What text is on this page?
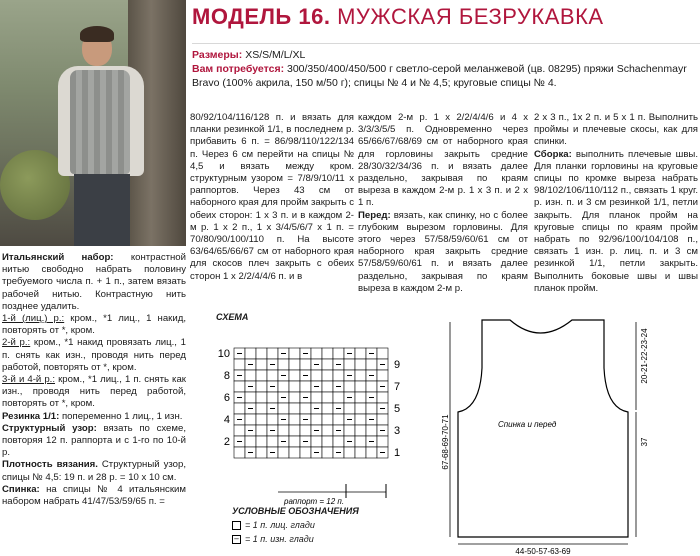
МОДЕЛЬ 16. МУЖСКАЯ БЕЗРУКАВКА
Размеры: XS/S/M/L/XL
Вам потребуется: 300/350/400/450/500 г светло-серой меланжевой (цв. 08295) пряжи Schachenmayr Bravo (100% акрила, 150 м/50 г); спицы № 4 и № 4,5; круговые спицы № 4.

Итальянский набор: контрастной нитью свободно набрать половину требуемого числа п. + 1 п., затем вязать рабочей нитью. Контрастную нить позднее удалить.

1-й (лиц.) р.: кром., *1 лиц., 1 накид, повторять от *, кром.

2-й р.: кром., *1 накид провязать лиц., 1 п. снять как изн., проводя нить перед работой, повторять от *, кром.

3-й и 4-й р.: кром., *1 лиц., 1 п. снять как изн., проводя нить перед работой, повторять от *, кром.

Резинка 1/1: попеременно 1 лиц., 1 изн.

Структурный узор: вязать по схеме, повторяя 12 п. раппорта и с 1-го по 10-й р.

Плотность вязания. Структурный узор, спицы № 4,5: 19 п. и 28 р. = 10 х 10 см.

Спинка: на спицы № 4 итальянским набором набрать 41/47/53/59/65 п. =

80/92/104/116/128 п. и вязать для планки резинкой 1/1, в последнем р. прибавить 6 п. = 86/98/110/122/134 п. Через 6 см перейти на спицы № 4,5 и вязать между кром. структурным узором = 7/8/9/10/11 х раппортов. Через 43 см от наборного края для пройм закрыть с обеих сторон: 1 х 3 п. и в каждом 2-м р. 1 х 2 п., 1 х 3/4/5/6/7 х 1 п. = 70/80/90/100/110 п. На высоте 63/64/65/66/67 см от наборного края для скосов плеч закрыть с обеих сторон 1 х 2/2/4/4/6 п. и в

каждом 2-м р. 1 х 2/2/4/4/6 и 4 х 3/3/3/5/5 п. Одновременно через 65/66/67/68/69 см от наборного края для горловины закрыть средние 28/30/32/34/36 п. и вязать далее раздельно, закрывая по краям выреза в каждом 2-м р. 1 х 3 п. и 2 х 1 п.

Перед: вязать, как спинку, но с более глубоким вырезом горловины. Для этого через 57/58/59/60/61 см от наборного края закрыть средние 57/58/59/60/61 п. и вязать далее раздельно, закрывая по краям выреза в каждом 2-м р.

2 х 3 п., 1х 2 п. и 5 х 1 п. Выполнить проймы и плечевые скосы, как для спинки.

Сборка: выполнить плечевые швы. Для планки горловины на круговые спицы по кромке выреза набрать 98/102/106/110/112 п., связать 1 круг. р. изн. п. и 3 см резинкой 1/1, петли закрыть. Для планок пройм на круговые спицы по краям пройм набрать по 92/96/100/104/108 п., связать 1 изн. р. лиц. п. и 3 см резинкой 1/1, петли закрыть. Выполнить боковые швы и швы планок пройм.

СХЕМА
10
8
6
4
2
9
7
5
3
1
раппорт = 12 п.
УСЛОВНЫЕ ОБОЗНАЧЕНИЯ
= 1 п. лиц. глади
– = 1 п. изн. глади
Спинка и перед
67-68-69-70-71	37
20-21-22-23-24
44-50-57-63-69
